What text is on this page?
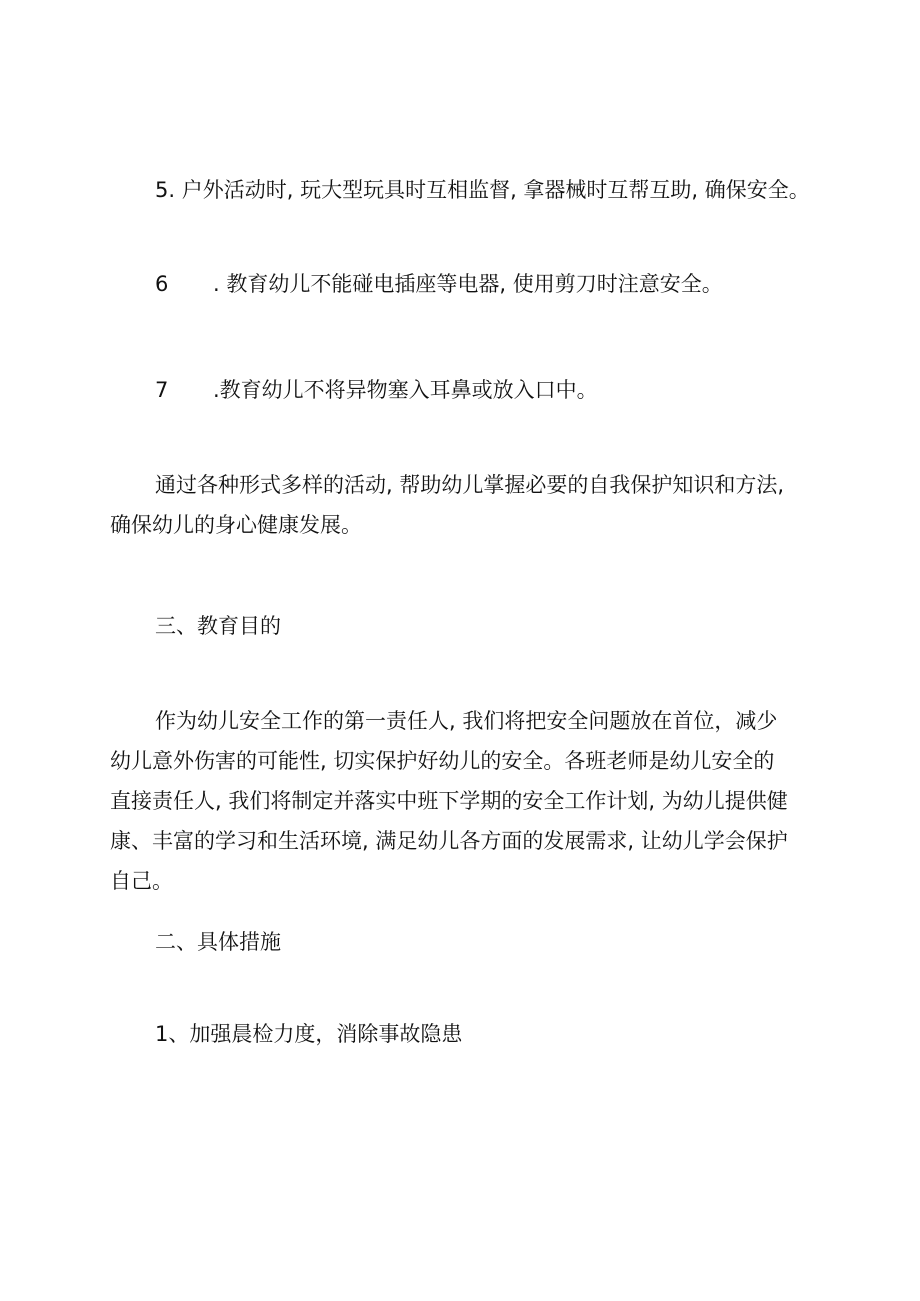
5. 户外活动时, 玩大型玩具时互相监督, 拿器械时互帮互助, 确保安全。

6 . 教育幼儿不能碰电插座等电器, 使用剪刀时注意安全。

7 .教育幼儿不将异物塞入耳鼻或放入口中。

通过各种形式多样的活动, 帮助幼儿掌握必要的自我保护知识和方法, 确保幼儿的身心健康发展。

三、教育目的

作为幼儿安全工作的第一责任人, 我们将把安全问题放在首位，减少幼儿意外伤害的可能性, 切实保护好幼儿的安全。各班老师是幼儿安全的直接责任人, 我们将制定并落实中班下学期的安全工作计划, 为幼儿提供健康、丰富的学习和生活环境, 满足幼儿各方面的发展需求, 让幼儿学会保护自己。

二、具体措施

1、加强晨检力度，消除事故隐患
